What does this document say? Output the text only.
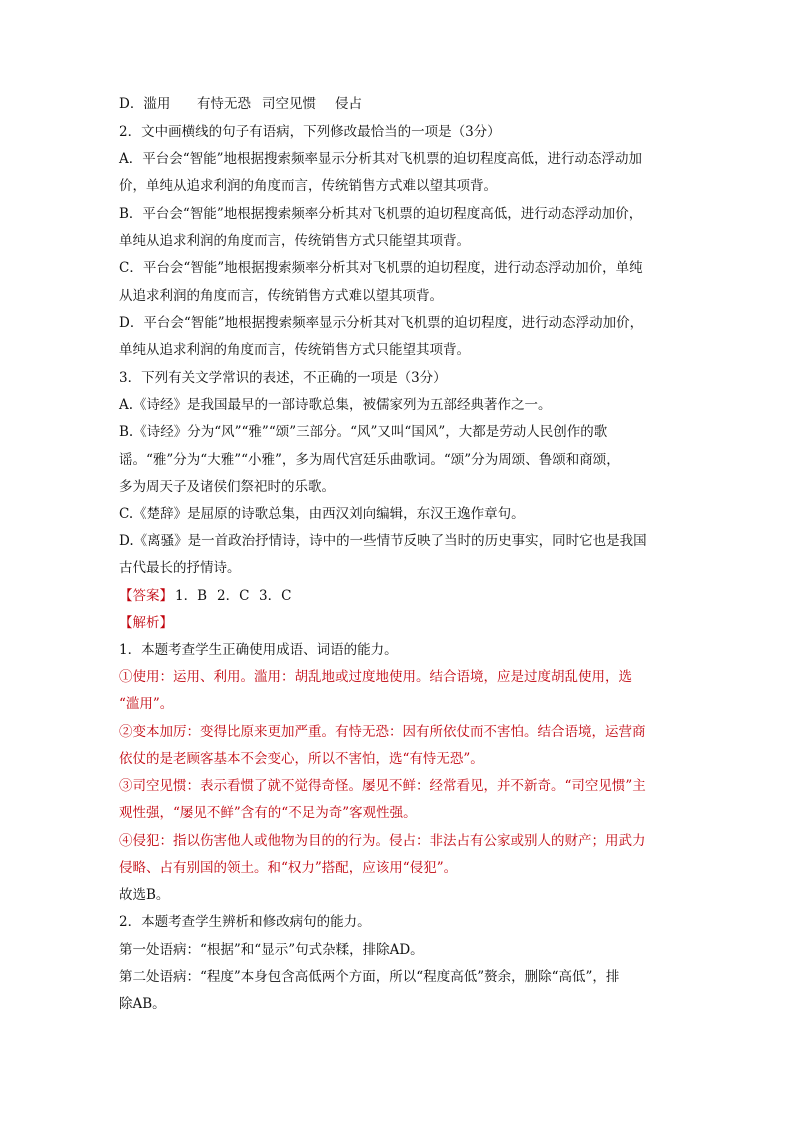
D．滥用	有恃无恐 司空见惯	侵占
2．文中画横线的句子有语病，下列修改最恰当的一项是（3分）
A．平台会“智能”地根据搜索频率显示分析其对飞机票的迫切程度高低，进行动态浮动加
价，单纯从追求利润的角度而言，传统销售方式难以望其项背。
B．平台会“智能”地根据搜索频率分析其对飞机票的迫切程度高低，进行动态浮动加价，
单纯从追求利润的角度而言，传统销售方式只能望其项背。
C．平台会“智能”地根据搜索频率分析其对飞机票的迫切程度，进行动态浮动加价，单纯
从追求利润的角度而言，传统销售方式难以望其项背。
D．平台会“智能”地根据搜索频率显示分析其对飞机票的迫切程度，进行动态浮动加价，
单纯从追求利润的角度而言，传统销售方式只能望其项背。
3．下列有关文学常识的表述，不正确的一项是（3分）
A.《诗经》是我国最早的一部诗歌总集，被儒家列为五部经典著作之一。
B.《诗经》分为“风”“雅”“颂”三部分。“风”又叫“国风”，大都是劳动人民创作的歌
谣。“雅”分为“大雅”“小雅”，多为周代宫廷乐曲歌词。“颂”分为周颂、鲁颂和商颂，
多为周天子及诸侯们祭祀时的乐歌。
C.《楚辞》是屈原的诗歌总集，由西汉刘向编辑，东汉王逸作章句。
D.《离骚》是一首政治抒情诗，诗中的一些情节反映了当时的历史事实，同时它也是我国
古代最长的抒情诗。
【答案】 1．B 2．C 3．C
【解析】
1．本题考查学生正确使用成语、词语的能力。
①使用：运用、利用。滥用：胡乱地或过度地使用。结合语境，应是过度胡乱使用，选
“滥用”。
②变本加厉：变得比原来更加严重。有恃无恐：因有所依仗而不害怕。结合语境，运营商
依仗的是老顾客基本不会变心，所以不害怕，选“有恃无恐”。
③司空见惯：表示看惯了就不觉得奇怪。屡见不鲜：经常看见，并不新奇。“司空见惯”主
观性强，“屡见不鲜”含有的“不足为奇”客观性强。
④侵犯：指以伤害他人或他物为目的的行为。侵占：非法占有公家或别人的财产；用武力
侵略、占有别国的领土。和“权力”搭配，应该用“侵犯”。
故选B。
2．本题考查学生辨析和修改病句的能力。
第一处语病：“根据”和“显示”句式杂糅，排除AD。
第二处语病：“程度”本身包含高低两个方面，所以“程度高低”赘余，删除“高低”，排
除AB。
